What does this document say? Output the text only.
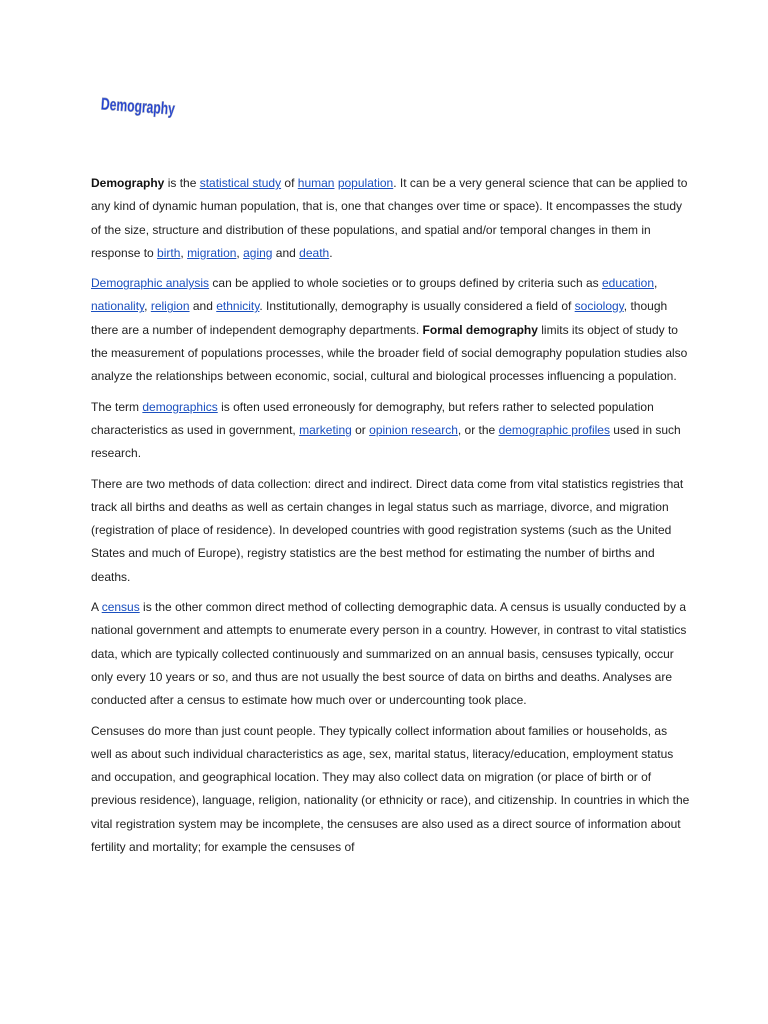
Demography

Demography is the statistical study of human population. It can be a very general science that can be applied to any kind of dynamic human population, that is, one that changes over time or space). It encompasses the study of the size, structure and distribution of these populations, and spatial and/or temporal changes in them in response to birth, migration, aging and death.

Demographic analysis can be applied to whole societies or to groups defined by criteria such as education, nationality, religion and ethnicity. Institutionally, demography is usually considered a field of sociology, though there are a number of independent demography departments. Formal demography limits its object of study to the measurement of populations processes, while the broader field of social demography population studies also analyze the relationships between economic, social, cultural and biological processes influencing a population.

The term demographics is often used erroneously for demography, but refers rather to selected population characteristics as used in government, marketing or opinion research, or the demographic profiles used in such research.

There are two methods of data collection: direct and indirect. Direct data come from vital statistics registries that track all births and deaths as well as certain changes in legal status such as marriage, divorce, and migration (registration of place of residence). In developed countries with good registration systems (such as the United States and much of Europe), registry statistics are the best method for estimating the number of births and deaths.

A census is the other common direct method of collecting demographic data. A census is usually conducted by a national government and attempts to enumerate every person in a country. However, in contrast to vital statistics data, which are typically collected continuously and summarized on an annual basis, censuses typically, occur only every 10 years or so, and thus are not usually the best source of data on births and deaths. Analyses are conducted after a census to estimate how much over or undercounting took place.

Censuses do more than just count people. They typically collect information about families or households, as well as about such individual characteristics as age, sex, marital status, literacy/education, employment status and occupation, and geographical location. They may also collect data on migration (or place of birth or of previous residence), language, religion, nationality (or ethnicity or race), and citizenship. In countries in which the vital registration system may be incomplete, the censuses are also used as a direct source of information about fertility and mortality; for example the censuses of
